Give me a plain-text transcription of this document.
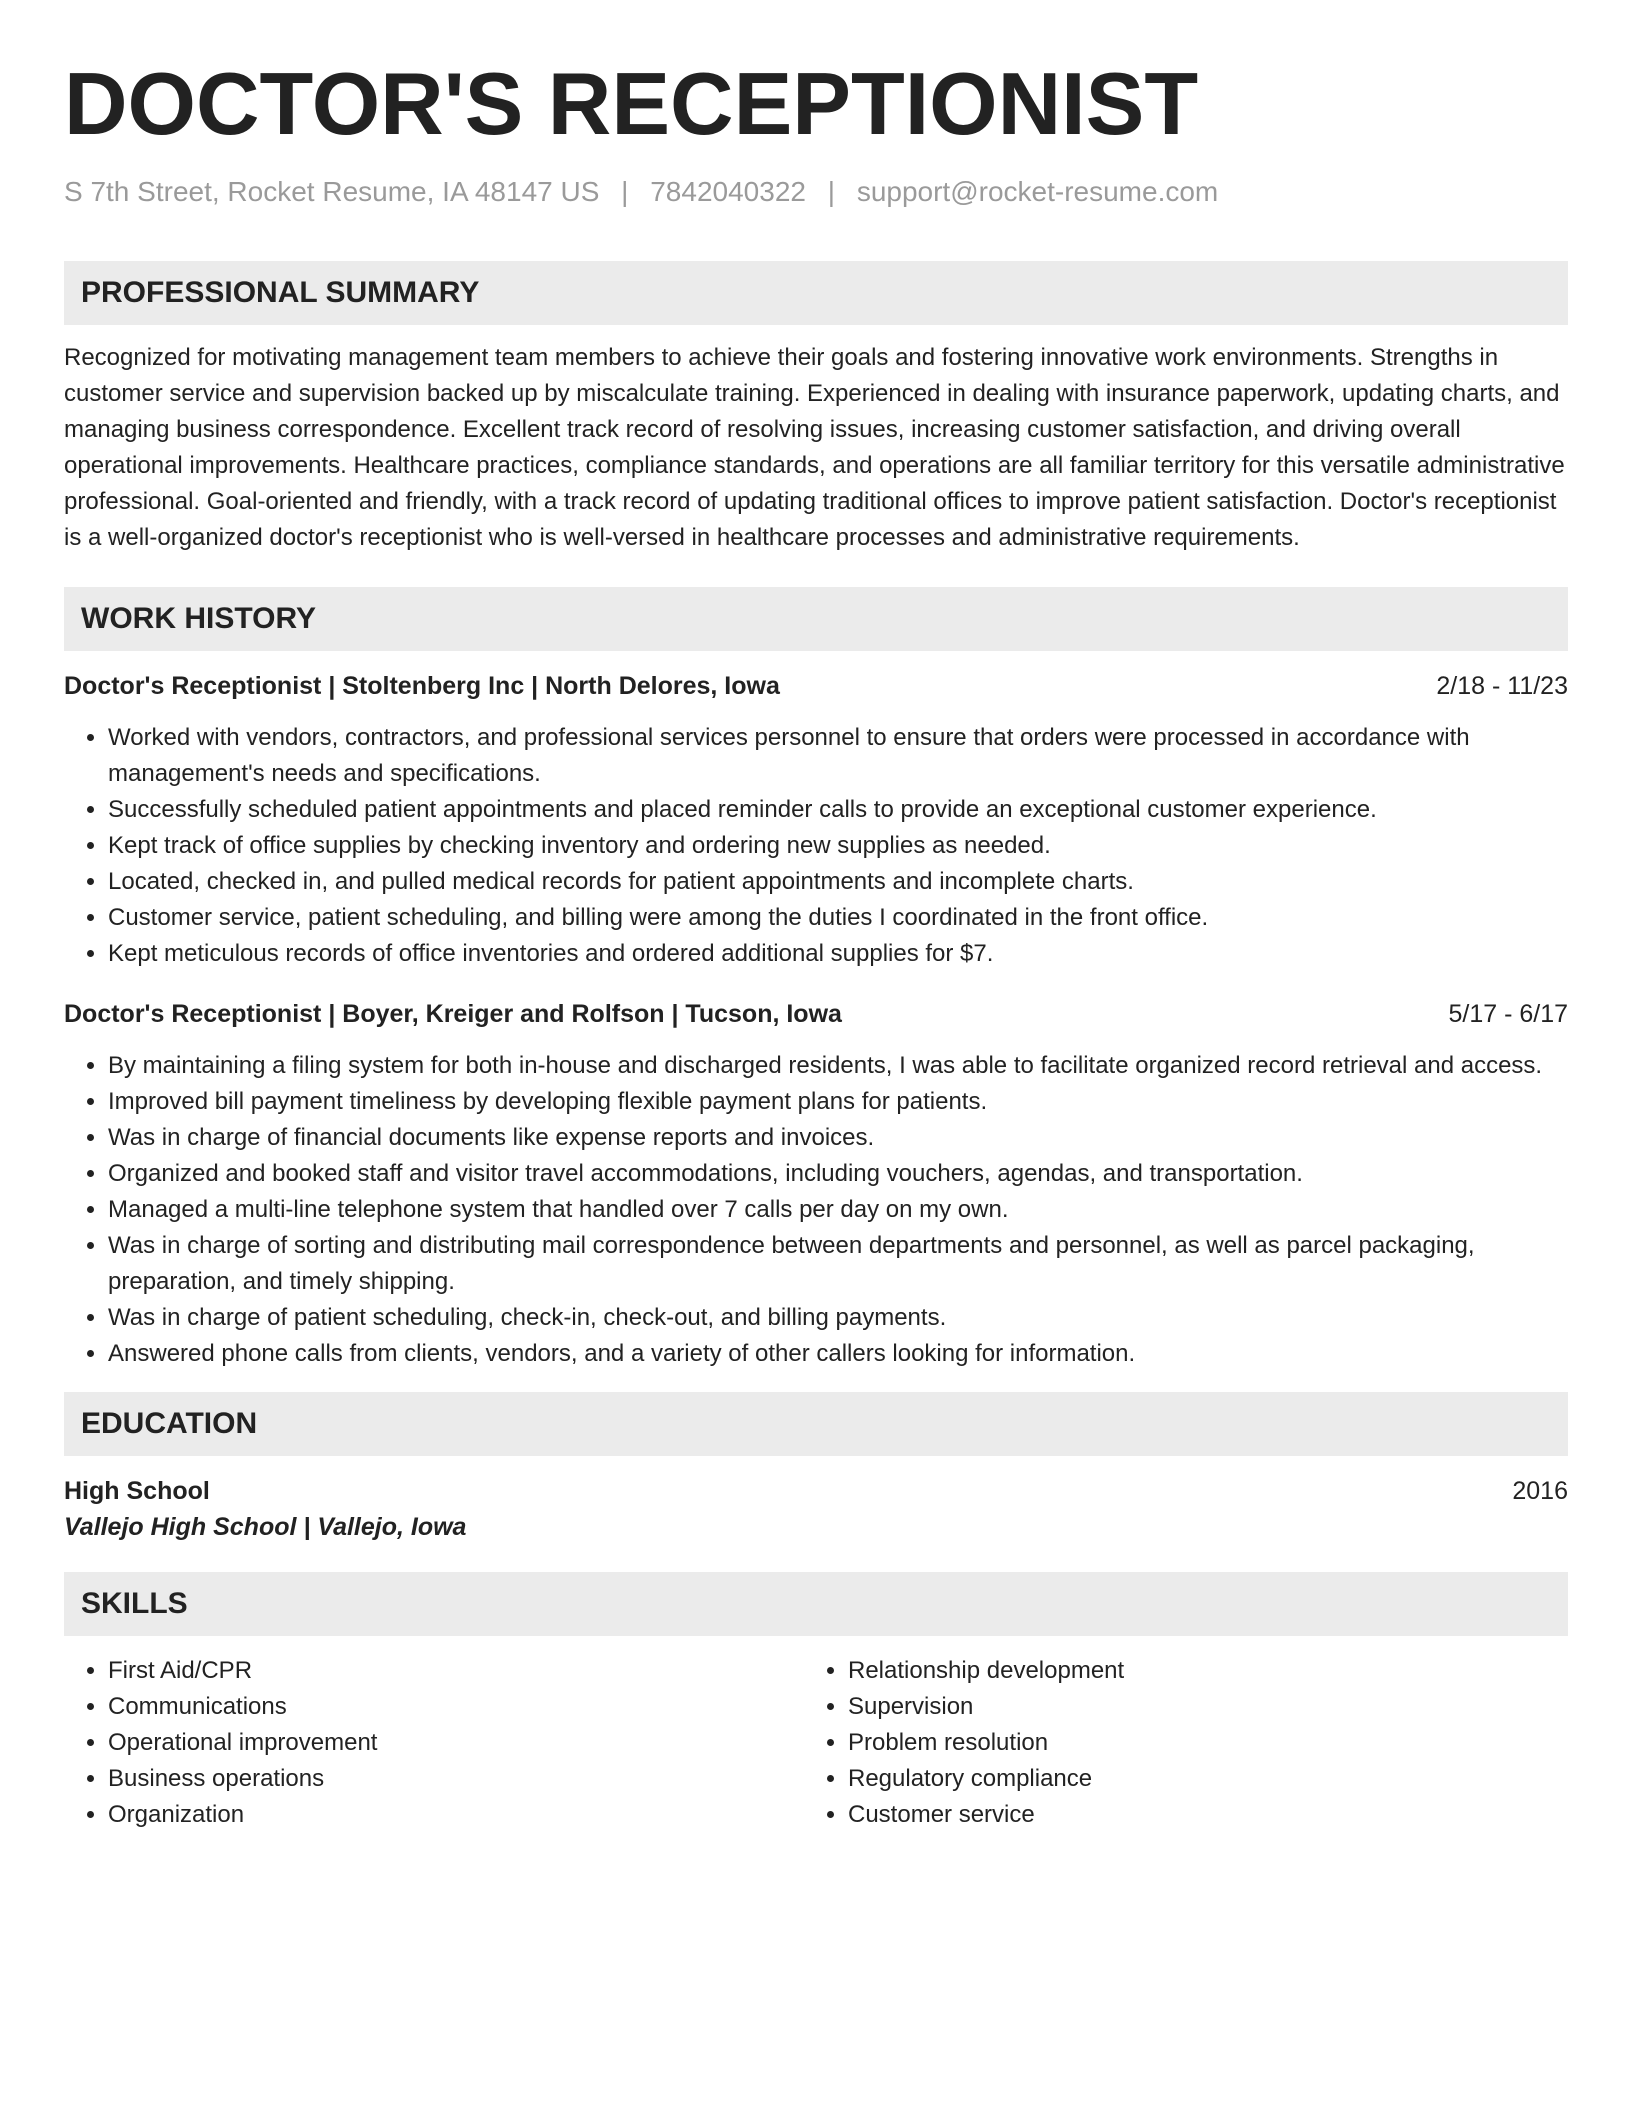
DOCTOR'S RECEPTIONIST
S 7th Street, Rocket Resume, IA 48147 US | 7842040322 | support@rocket-resume.com
PROFESSIONAL SUMMARY
Recognized for motivating management team members to achieve their goals and fostering innovative work environments. Strengths in customer service and supervision backed up by miscalculate training. Experienced in dealing with insurance paperwork, updating charts, and managing business correspondence. Excellent track record of resolving issues, increasing customer satisfaction, and driving overall operational improvements. Healthcare practices, compliance standards, and operations are all familiar territory for this versatile administrative professional. Goal-oriented and friendly, with a track record of updating traditional offices to improve patient satisfaction. Doctor's receptionist is a well-organized doctor's receptionist who is well-versed in healthcare processes and administrative requirements.
WORK HISTORY
Doctor's Receptionist | Stoltenberg Inc | North Delores, Iowa	2/18 - 11/23
• Worked with vendors, contractors, and professional services personnel to ensure that orders were processed in accordance with management's needs and specifications.
• Successfully scheduled patient appointments and placed reminder calls to provide an exceptional customer experience.
• Kept track of office supplies by checking inventory and ordering new supplies as needed.
• Located, checked in, and pulled medical records for patient appointments and incomplete charts.
• Customer service, patient scheduling, and billing were among the duties I coordinated in the front office.
• Kept meticulous records of office inventories and ordered additional supplies for $7.
Doctor's Receptionist | Boyer, Kreiger and Rolfson | Tucson, Iowa	5/17 - 6/17
• By maintaining a filing system for both in-house and discharged residents, I was able to facilitate organized record retrieval and access.
• Improved bill payment timeliness by developing flexible payment plans for patients.
• Was in charge of financial documents like expense reports and invoices.
• Organized and booked staff and visitor travel accommodations, including vouchers, agendas, and transportation.
• Managed a multi-line telephone system that handled over 7 calls per day on my own.
• Was in charge of sorting and distributing mail correspondence between departments and personnel, as well as parcel packaging, preparation, and timely shipping.
• Was in charge of patient scheduling, check-in, check-out, and billing payments.
• Answered phone calls from clients, vendors, and a variety of other callers looking for information.
EDUCATION
High School	2016
Vallejo High School | Vallejo, Iowa
SKILLS
• First Aid/CPR
• Communications
• Operational improvement
• Business operations
• Organization
• Relationship development
• Supervision
• Problem resolution
• Regulatory compliance
• Customer service
